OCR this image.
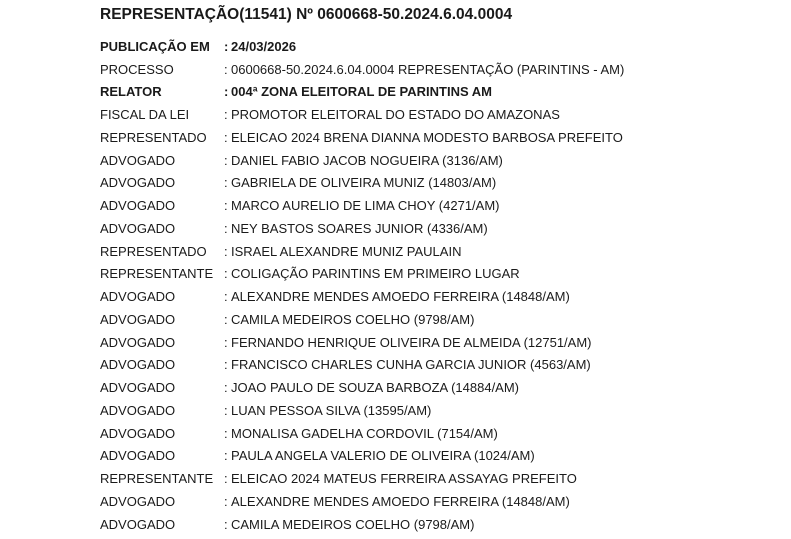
REPRESENTAÇÃO(11541) Nº 0600668-50.2024.6.04.0004
PUBLICAÇÃO EM	: 24/03/2026
PROCESSO	: 0600668-50.2024.6.04.0004 REPRESENTAÇÃO (PARINTINS - AM)
RELATOR	: 004ª ZONA ELEITORAL DE PARINTINS AM
FISCAL DA LEI	: PROMOTOR ELEITORAL DO ESTADO DO AMAZONAS
REPRESENTADO	: ELEICAO 2024 BRENA DIANNA MODESTO BARBOSA PREFEITO
ADVOGADO	: DANIEL FABIO JACOB NOGUEIRA (3136/AM)
ADVOGADO	: GABRIELA DE OLIVEIRA MUNIZ (14803/AM)
ADVOGADO	: MARCO AURELIO DE LIMA CHOY (4271/AM)
ADVOGADO	: NEY BASTOS SOARES JUNIOR (4336/AM)
REPRESENTADO	: ISRAEL ALEXANDRE MUNIZ PAULAIN
REPRESENTANTE : COLIGAÇÃO PARINTINS EM PRIMEIRO LUGAR
ADVOGADO	: ALEXANDRE MENDES AMOEDO FERREIRA (14848/AM)
ADVOGADO	: CAMILA MEDEIROS COELHO (9798/AM)
ADVOGADO	: FERNANDO HENRIQUE OLIVEIRA DE ALMEIDA (12751/AM)
ADVOGADO	: FRANCISCO CHARLES CUNHA GARCIA JUNIOR (4563/AM)
ADVOGADO	: JOAO PAULO DE SOUZA BARBOZA (14884/AM)
ADVOGADO	: LUAN PESSOA SILVA (13595/AM)
ADVOGADO	: MONALISA GADELHA CORDOVIL (7154/AM)
ADVOGADO	: PAULA ANGELA VALERIO DE OLIVEIRA (1024/AM)
REPRESENTANTE : ELEICAO 2024 MATEUS FERREIRA ASSAYAG PREFEITO
ADVOGADO	: ALEXANDRE MENDES AMOEDO FERREIRA (14848/AM)
ADVOGADO	: CAMILA MEDEIROS COELHO (9798/AM)
